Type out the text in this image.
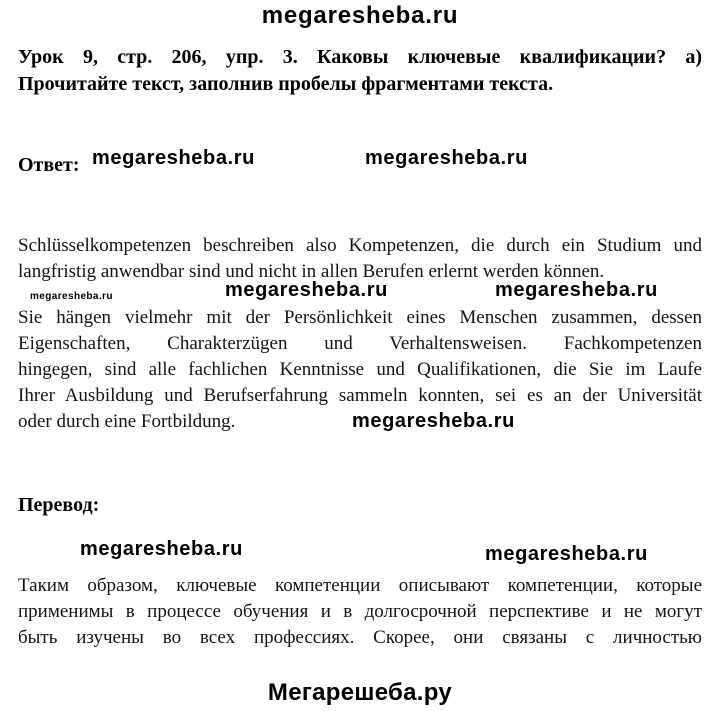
megaresheba.ru
Урок 9, стр. 206, упр. 3. Каковы ключевые квалификации? а)
Прочитайте текст, заполнив пробелы фрагментами текста.
Ответ:
Schlüsselkompetenzen beschreiben also Kompetenzen, die durch ein Studium und
langfristig anwendbar sind und nicht in allen Berufen erlernt werden können.
Sie hängen vielmehr mit der Persönlichkeit eines Menschen zusammen, dessen
Eigenschaften, Charakterzügen und Verhaltensweisen. Fachkompetenzen
hingegen, sind alle fachlichen Kenntnisse und Qualifikationen, die Sie im Laufe
Ihrer Ausbildung und Berufserfahrung sammeln konnten, sei es an der Universität
oder durch eine Fortbildung.
Перевод:
Таким образом, ключевые компетенции описывают компетенции, которые
применимы в процессе обучения и в долгосрочной перспективе и не могут
быть изучены во всех профессиях. Скорее, они связаны с личностью
megaresheba.ru	megaresheba.ru
megaresheba.ru	megaresheba.ru	megaresheba.ru
megaresheba.ru
megaresheba.ru	megaresheba.ru
Мегарешеба.ру
